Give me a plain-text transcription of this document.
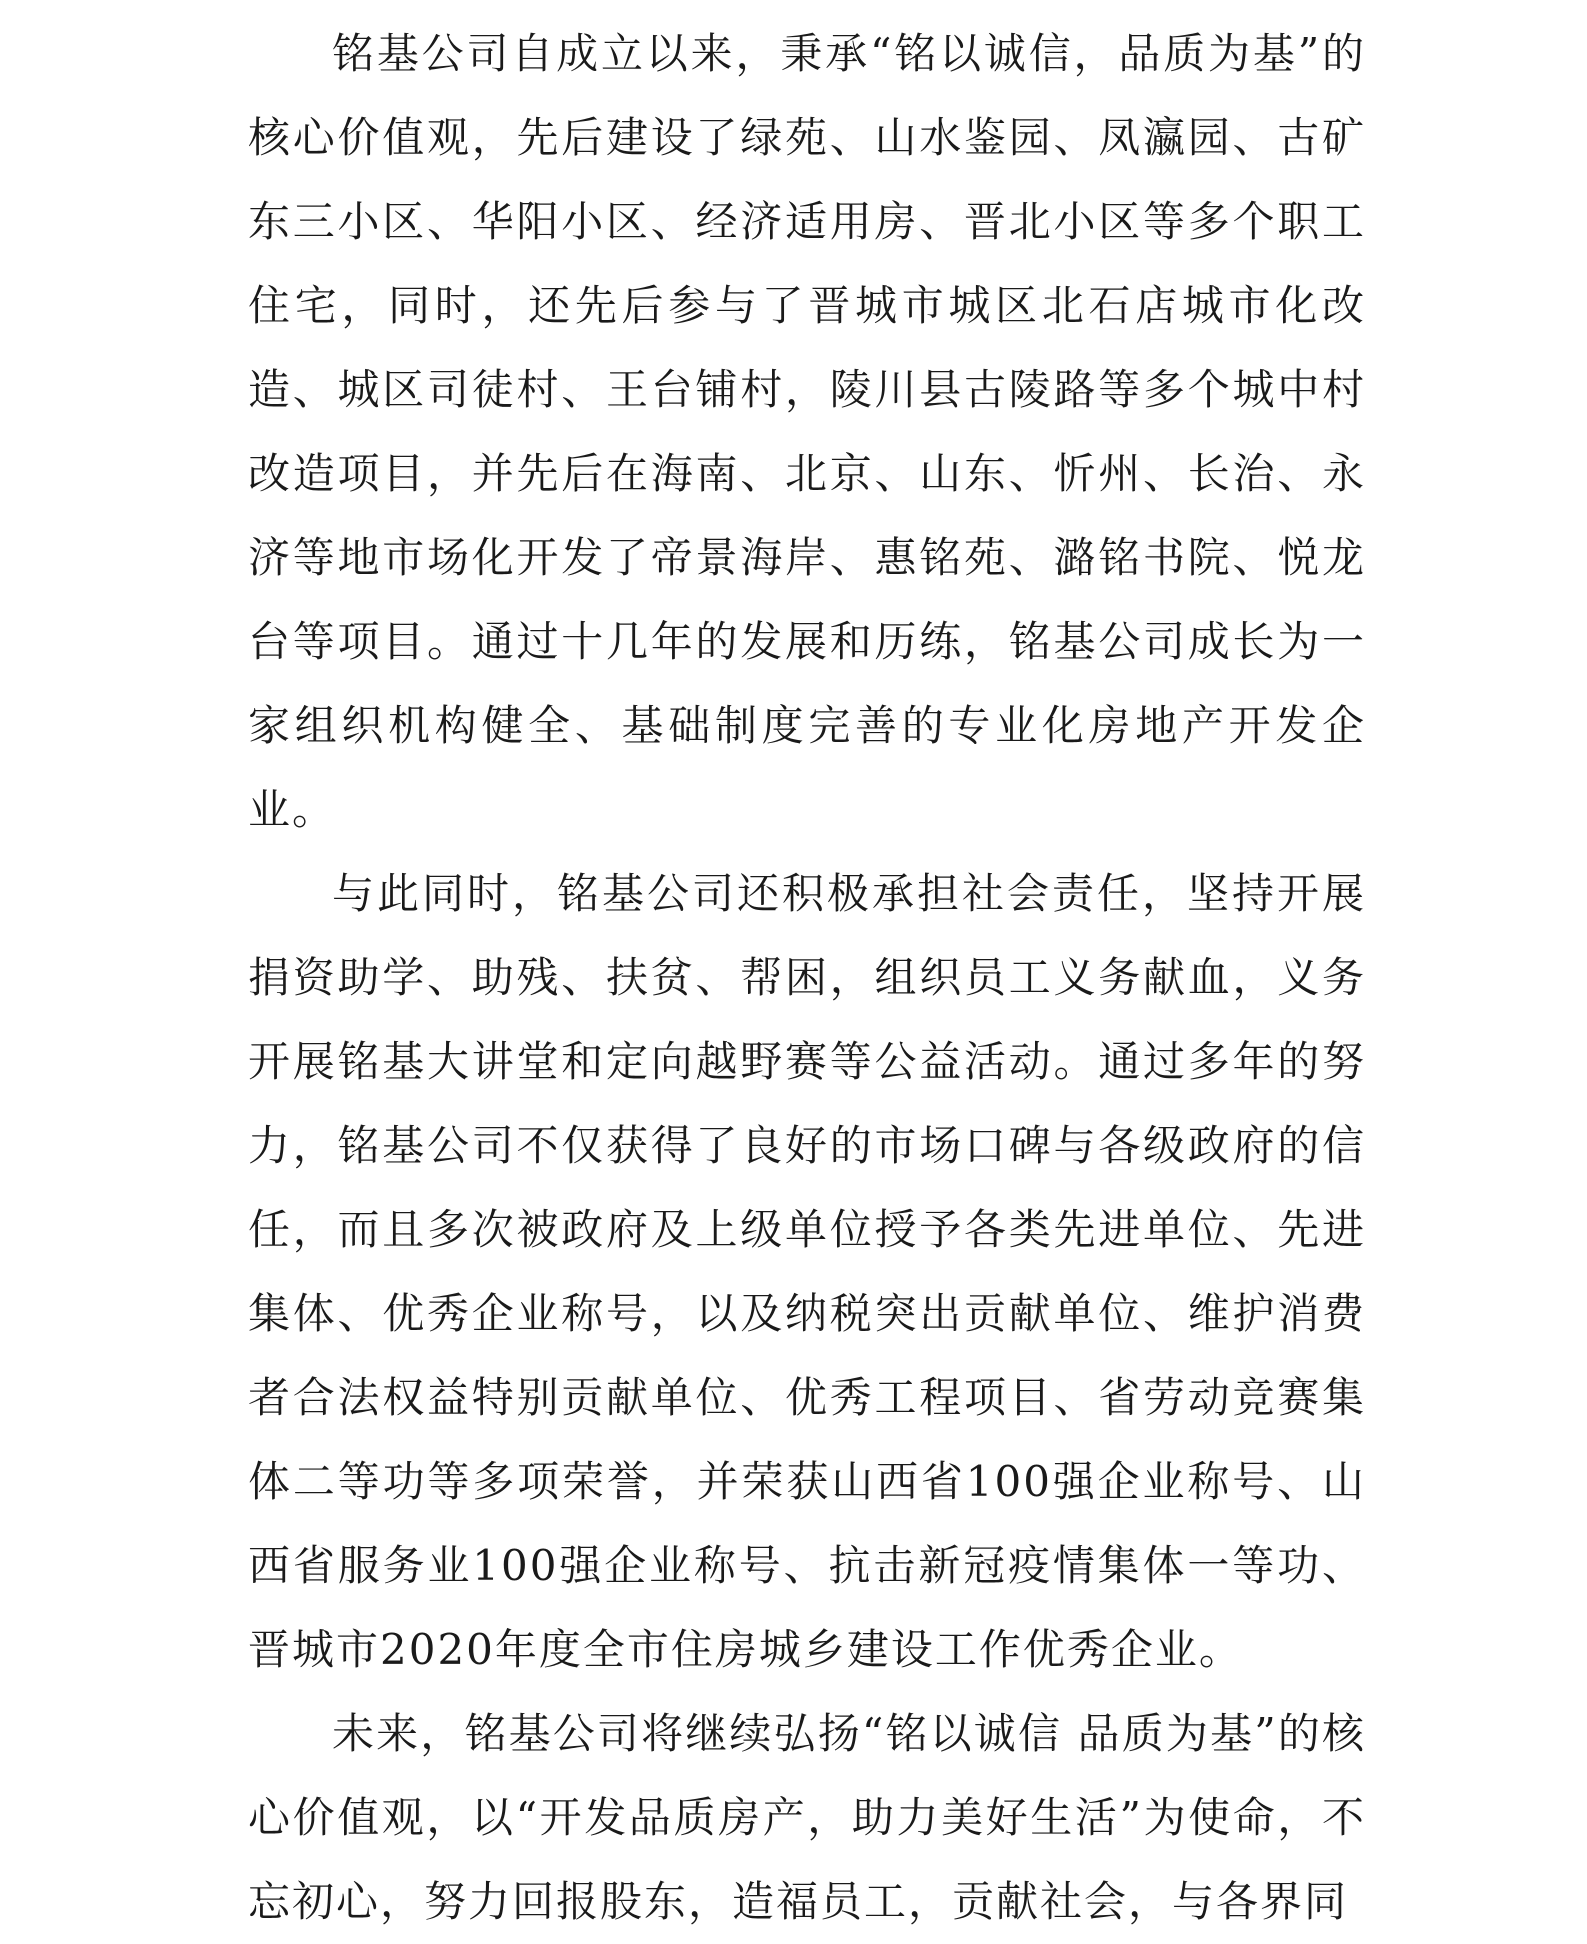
铭基公司自成立以来，秉承“铭以诚信，品质为基”的核心价值观，先后建设了绿苑、山水鉴园、凤瀛园、古矿东三小区、华阳小区、经济适用房、晋北小区等多个职工住宅，同时，还先后参与了晋城市城区北石店城市化改造、城区司徒村、王台铺村，陵川县古陵路等多个城中村改造项目，并先后在海南、北京、山东、忻州、长治、永济等地市场化开发了帝景海岸、惠铭苑、潞铭书院、悦龙台等项目。通过十几年的发展和历练，铭基公司成长为一家组织机构健全、基础制度完善的专业化房地产开发企业。

与此同时，铭基公司还积极承担社会责任，坚持开展捐资助学、助残、扶贫、帮困，组织员工义务献血，义务开展铭基大讲堂和定向越野赛等公益活动。通过多年的努力，铭基公司不仅获得了良好的市场口碑与各级政府的信任，而且多次被政府及上级单位授予各类先进单位、先进集体、优秀企业称号，以及纳税突出贡献单位、维护消费者合法权益特别贡献单位、优秀工程项目、省劳动竞赛集体二等功等多项荣誉，并荣获山西省100强企业称号、山西省服务业100强企业称号、抗击新冠疫情集体一等功、晋城市2020年度全市住房城乡建设工作优秀企业。

未来，铭基公司将继续弘扬“铭以诚信 品质为基”的核心价值观，以“开发品质房产，助力美好生活”为使命，不忘初心，努力回报股东，造福员工，贡献社会，与各界同
